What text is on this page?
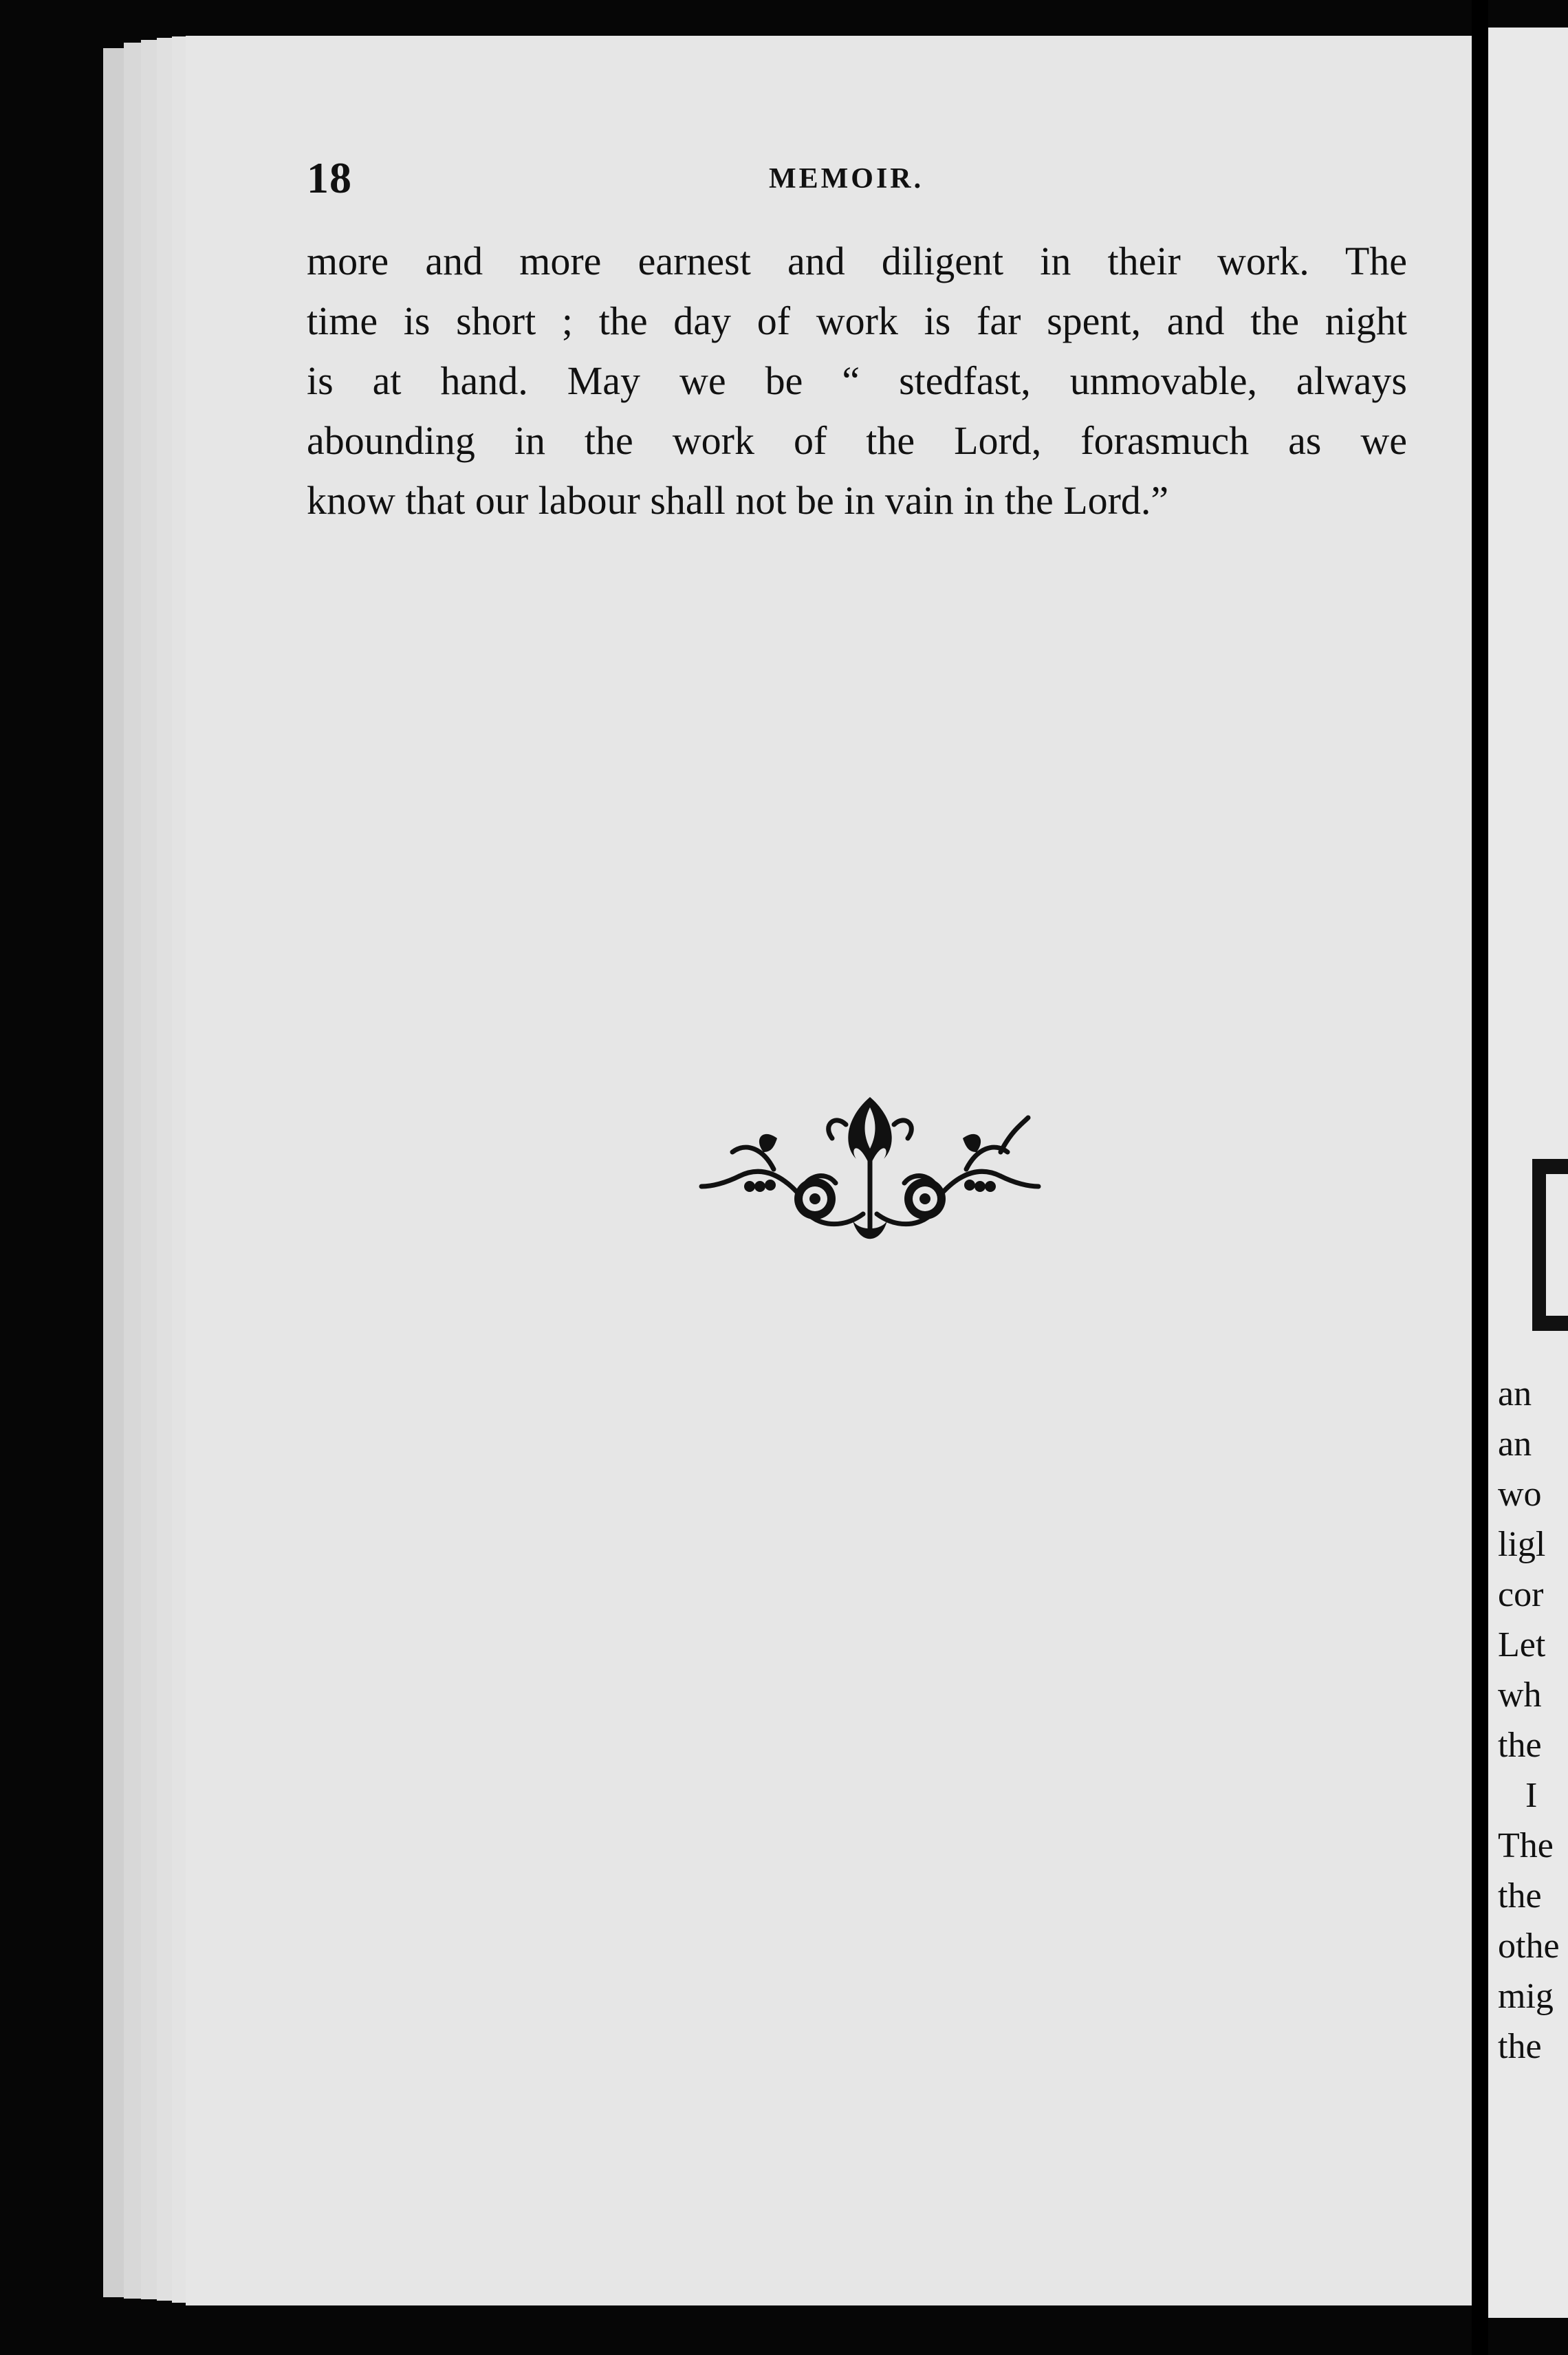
18	MEMOIR.
more and more earnest and diligent in their work. The
time is short ; the day of work is far spent, and the night
is at hand. May we be “ stedfast, unmovable, always
abounding in the work of the Lord, forasmuch as we
know that our labour shall not be in vain in the Lord.”
an
an
wo
ligl
cor
Let
wh
the
I
The
the
othe
mig
the
